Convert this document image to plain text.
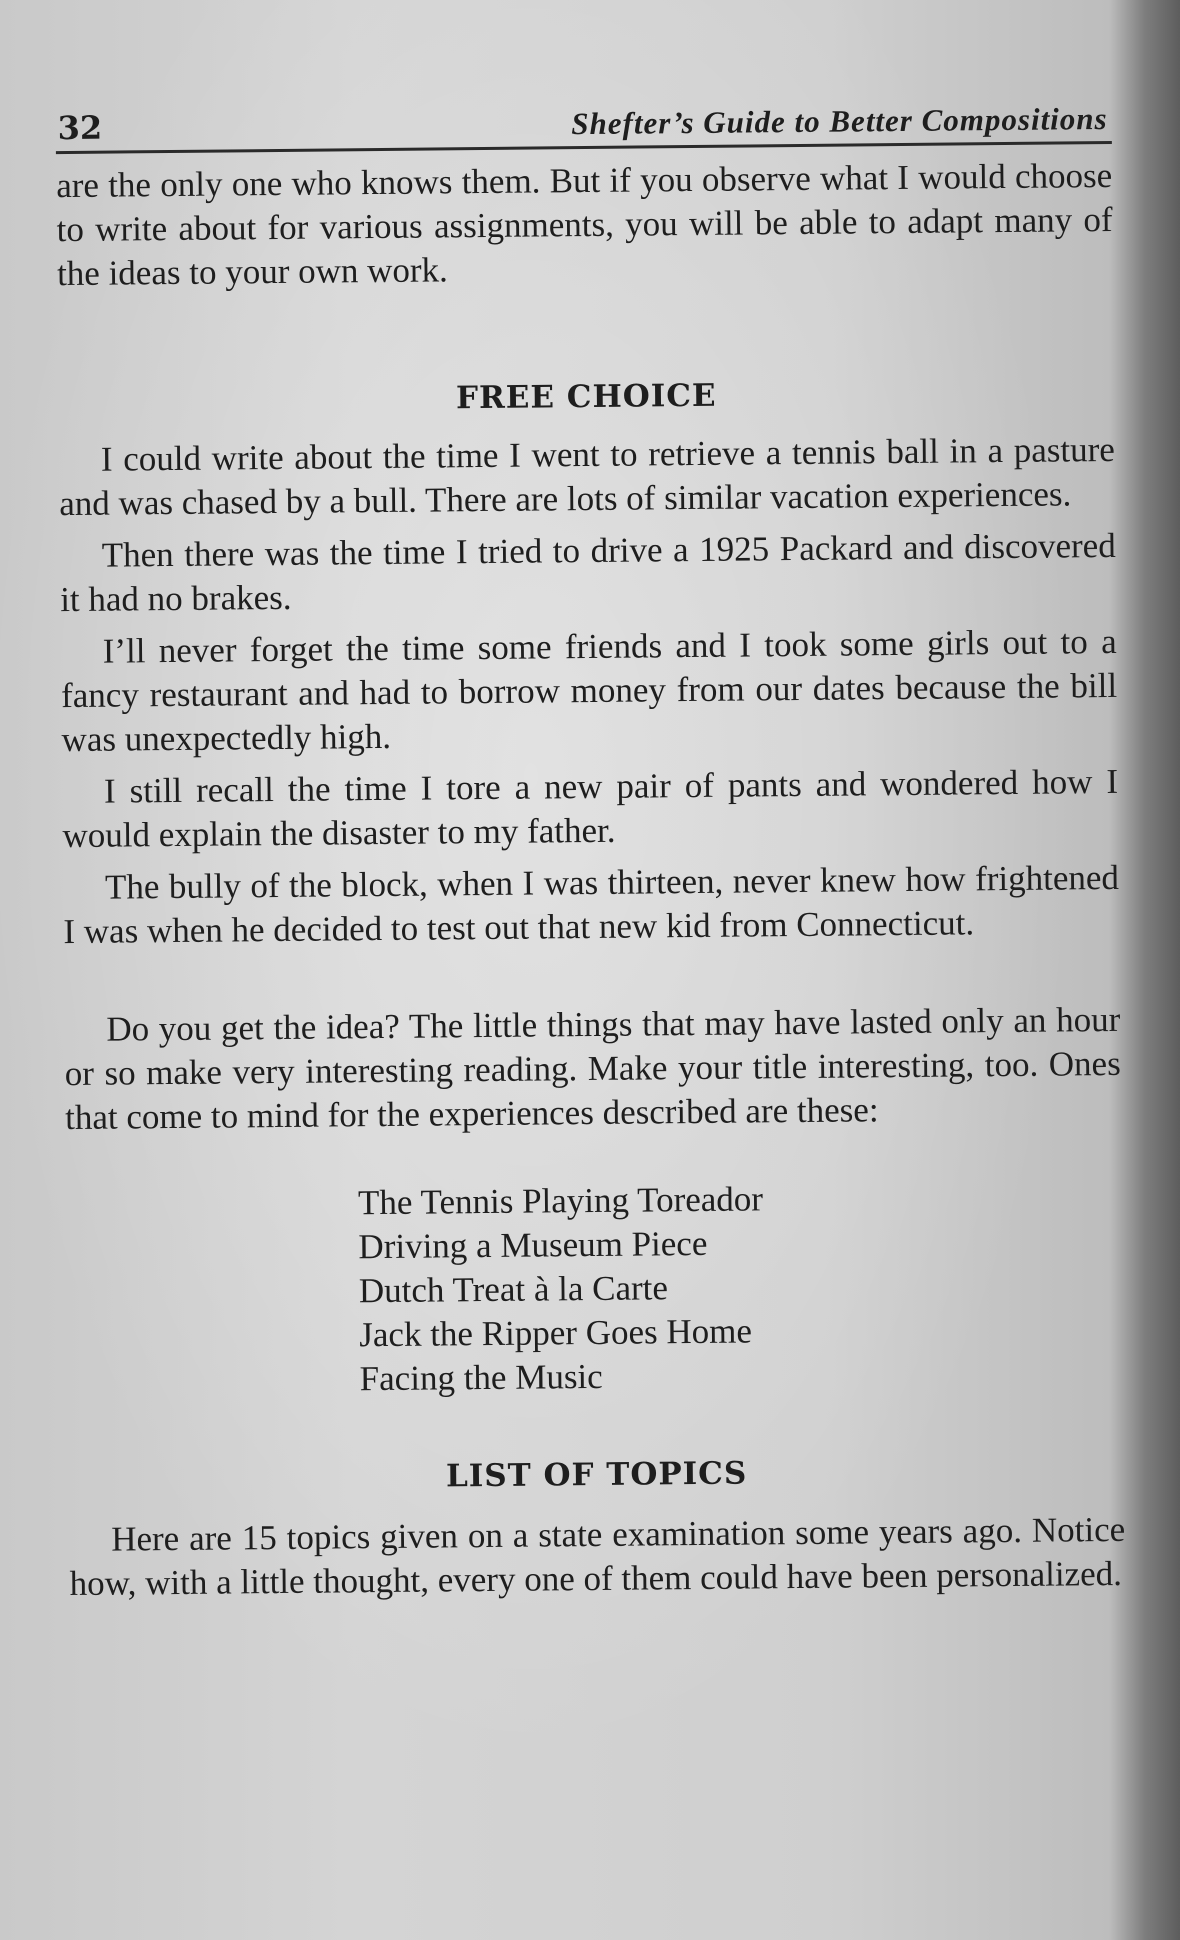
32	Shefter’s Guide to Better Compositions

are the only one who knows them. But if you observe what I would choose to write about for various assignments, you will be able to adapt many of the ideas to your own work.

FREE CHOICE

I could write about the time I went to retrieve a tennis ball in a pasture and was chased by a bull. There are lots of similar vacation experiences.

Then there was the time I tried to drive a 1925 Packard and discovered it had no brakes.

I’ll never forget the time some friends and I took some girls out to a fancy restaurant and had to borrow money from our dates because the bill was unexpectedly high.

I still recall the time I tore a new pair of pants and wondered how I would explain the disaster to my father.

The bully of the block, when I was thirteen, never knew how frightened I was when he decided to test out that new kid from Connecticut.

Do you get the idea? The little things that may have lasted only an hour or so make very interesting reading. Make your title interesting, too. Ones that come to mind for the experiences described are these:

The Tennis Playing Toreador
Driving a Museum Piece
Dutch Treat à la Carte
Jack the Ripper Goes Home
Facing the Music
LIST OF TOPICS

Here are 15 topics given on a state examination some years ago. Notice how, with a little thought, every one of them could have been personalized.
